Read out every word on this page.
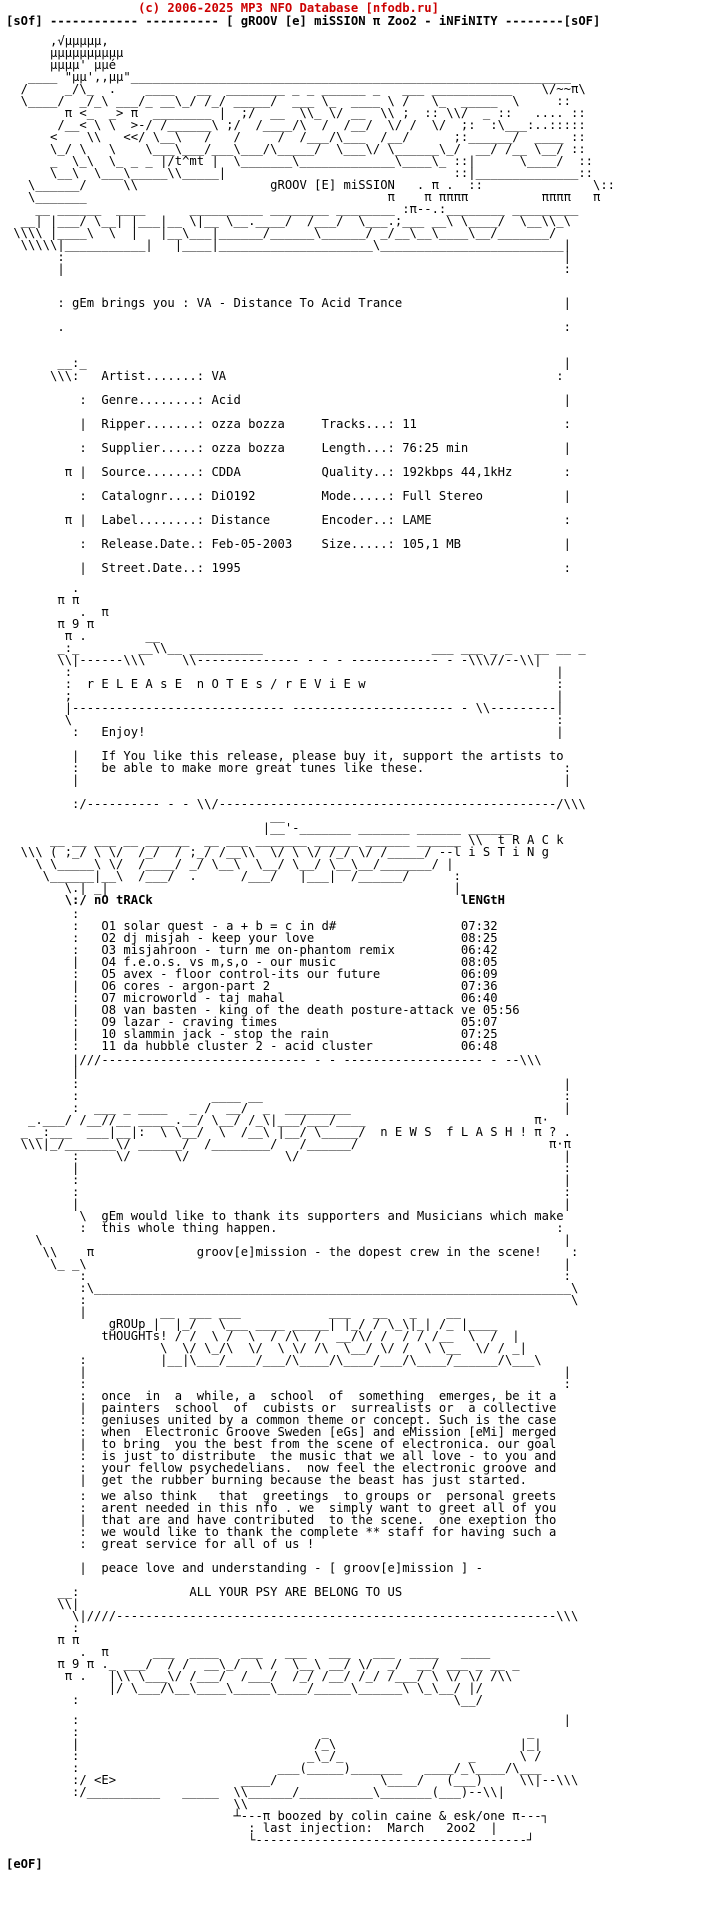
(c) 2006-2025 MP3 NFO Database [nfodb.ru]
[sOf] ------------ ---------- [ gROOV [e] miSSION π Zoo2 - iNFiNITY --------[sOF]
,√µµµµµ,
µµµµµµµµµµ
µµµµ' µµé
____ "µµ',,µµ"____________________________________________________________
/     _/\_  .    ____   __  ________ _ _ ______ _   ___ ___________    \/~~π\
\____/  _/_\ ___/_ __\_/ /_/ _____/  ___ \_  ____ \ /   \_  _____  \     ::
π <_  _> π  ________ |  ;/  __  \\_ \/ __  \\ ;  :: \\/  _ ::   .... ::
/__< \ \  >-/ /______\ ;/  /____/\  /  /__/  \/ /  \/  ;:  :\___:..:::::
<    \\   <</ \__\   /   /     /  /___/\___  /__/      ;:______/  ____ ::
\_/ \   \    \___\___/___\___/\_____/  \___\/ \______\_/  __/ /__ \__/ ::
_  \_\  \_ _ _ |/t^mt |  \_______\_____________\____\_ ::|      \____/  ::
\__\  \___\_____\\_____|                               ::|______________::
\______/     \\                  gROOV [E] miSSION   . π .  ::               \::
\_______                                         π    π ππππ          ππππ   π
__ ______  ____      __________ ________ ________ :π--.:________ _________
__| |___/ \__| |___|__ \|__ \__.____/  /___/  \___.;___ __\ \____/  \__\\_\
\\\\ |____\  \  |   |__\___|______/______\______/ _/__\__\____\__/_______/
\\\\\|___________|   |____|_____________________\_________________________|
:                                                                    |
|                                                                    :
: gEm brings you : VA - Distance To Acid Trance                      |
.                                                                    :
__:_                                                                 |
\\\:   Artist.......: VA                                             :
:  Genre........: Acid                                            |
|  Ripper.......: ozza bozza     Tracks...: 11                    :
:  Supplier.....: ozza bozza     Length...: 76:25 min             |
π |  Source.......: CDDA           Quality..: 192kbps 44,1kHz       :
:  Catalognr....: DiO192         Mode.....: Full Stereo           |
π |  Label........: Distance       Encoder..: LAME                  :
:  Release.Date.: Feb-05-2003    Size.....: 105,1 MB              |
|  Street.Date..: 1995                                            :
.
π π
.  π
π 9 π
π .        __
_:_        __\\__ __________                       ___ ___ _ _   __ __ _
\\|------\\\     \\-------------- - - - ------------ - -\\\//--\\|
:                                                                  |
:  r E L E A s E  n O T E s / r E V i E w                          :
;                                                                  |
|----------------------------- ---------------------- - \\---------|
\                                                                  :
:   Enjoy!                                                        |
|   If You like this release, please buy it, support the artists to
:   be able to make more great tunes like these.                   :
|                                                                  |
:/---------- - - \\/----------------------------------------------/\\\
__
|__'-_______ _______ ______ ______
__ __ ___ __ ______  __ ___ _______ ______ ______ ______ \\  t R A C k
\\\ ( ;_/ \ \/  /_/  / ;_/ /__\\  \/ \ \/ /_/ \/ /_____/ --l i S T i N g
\ \_____\ \/  /____/ _/ \__\  \__/ \__/ \__\__/_______/ |
\______|__\  /___/  .      /___/   |___|  /______/      :
\.| _|                                               |
\:/ nO tRACk                                          lENGtH
:
:   O1 solar quest - a + b = c in d#                 07:32
:   O2 dj misjah - keep your love                    08:25
:   O3 misjahroon - turn me on-phantom remix         06:42
|   O4 f.e.o.s. vs m,s,o - our music                 08:05
:   O5 avex - floor control-its our future           06:09
|   O6 cores - argon-part 2                          07:36
:   O7 microworld - taj mahal                        06:40
|   O8 van basten - king of the death posture-attack ve 05:56
:   O9 lazar - craving times                         05:07
|   10 slammin jack - stop the rain                  07:25
:   11 da hubble cluster 2 - acid cluster            06:48
|///---------------------------- - - ------------------- - --\\\
|
:                                                                  |
:                  ____ __                                         :
:  ___ _ ____   _ /  __/  _  _________                             |
_.___/ /__//__ _____.__/ \__/ /_\|___/___/____                       π·
_ _:___  ___|__|:  \ \__/  \  /__\ |__/ \_____/  n E W S  f L A S H ! π ? .
\\\|_/_______\/ ______/  /________/   /______/                          π·π
:     \/      \/             \/                                    |
|                                                                  :
:                                                                  |
:                                                                  :
|                                                                  |
\  gEm would like to thank its supporters and Musicians which make
:  this whole thing happen.                                      :
\                                                                       |
\\    π              groov[e]mission - the dopest crew in the scene!    :
\_ _\                                                                 |
:                                                                 :
:\_________________________________________________________________\
:                                                                  \
|          __  ___ ___            ___   __   _    __
gROUp |  |_/   \___ ____ _____| |_/ / \_\|_| /_ |____
tHOUGHTs! / /  \ /  \  / /\  /  __/\/ /  / / /__  \  /  |
\  \/ \_/\  \/  \ \/ /\  \__/ \/ /  \ \__  \/ / _|
:          |__|\___/____/___/\____/\____/___/\____/______/\___\
|                                                                 |
:                                                                 :
:  once  in  a  while, a  school  of  something  emerges, be it a
|  painters  school  of  cubists or  surrealists or  a collective
:  geniuses united by a common theme or concept. Such is the case
:  when  Electronic Groove Sweden [eGs] and eMission [eMi] merged
|  to bring  you the best from the scene of electronica. our goal
:  is just to distribute  the music that we all love - to you and
:  your fellow psychedelians.  now feel the electronic groove and
|  get the rubber burning because the beast has just started.
:  we also think   that  greetings  to groups or  personal greets
:  arent needed in this nfo . we  simply want to greet all of you
|  that are and have contributed  to the scene.  one exeption tho
:  we would like to thank the complete ** staff for having such a
:  great service for all of us !
|  peace love and understanding - [ groov[e]mission ] -
__:               ALL YOUR PSY ARE BELONG TO US
\\|
\|////------------------------------------------------------------\\\
:
π π
.  π      ___  ____   ___   ___   ___   ___  ____   ____
π 9 π ._ ___/  / /  __\_/  \ /  \__\ __/ \/  _/  __/ ___ _ __ _
π .   |\\ \___\/ /___/  /___/  /_/ /__/ /_/ /___/ \ \/ \/ /\\
|/ \___/\__\____\_____\____/_____\______\ \_\__/ |/
:                                                   \__/
:                                                                  |
:                                 _                           _
|                                /_\                         |_|
:                               _\_/_                 _      \ /
:                           ___(_____)_______   ____/_\____/\___
:/ <E>                 ____/              \____/   (___)     \\|--\\\
:/__________   _____  \\______/__________\_______(___)--\\|
\\
┴---π boozed by colin caine & esk/one π---┐
: last injection:  March   2oo2  |
└-------------------------------------┘
[eOF]
